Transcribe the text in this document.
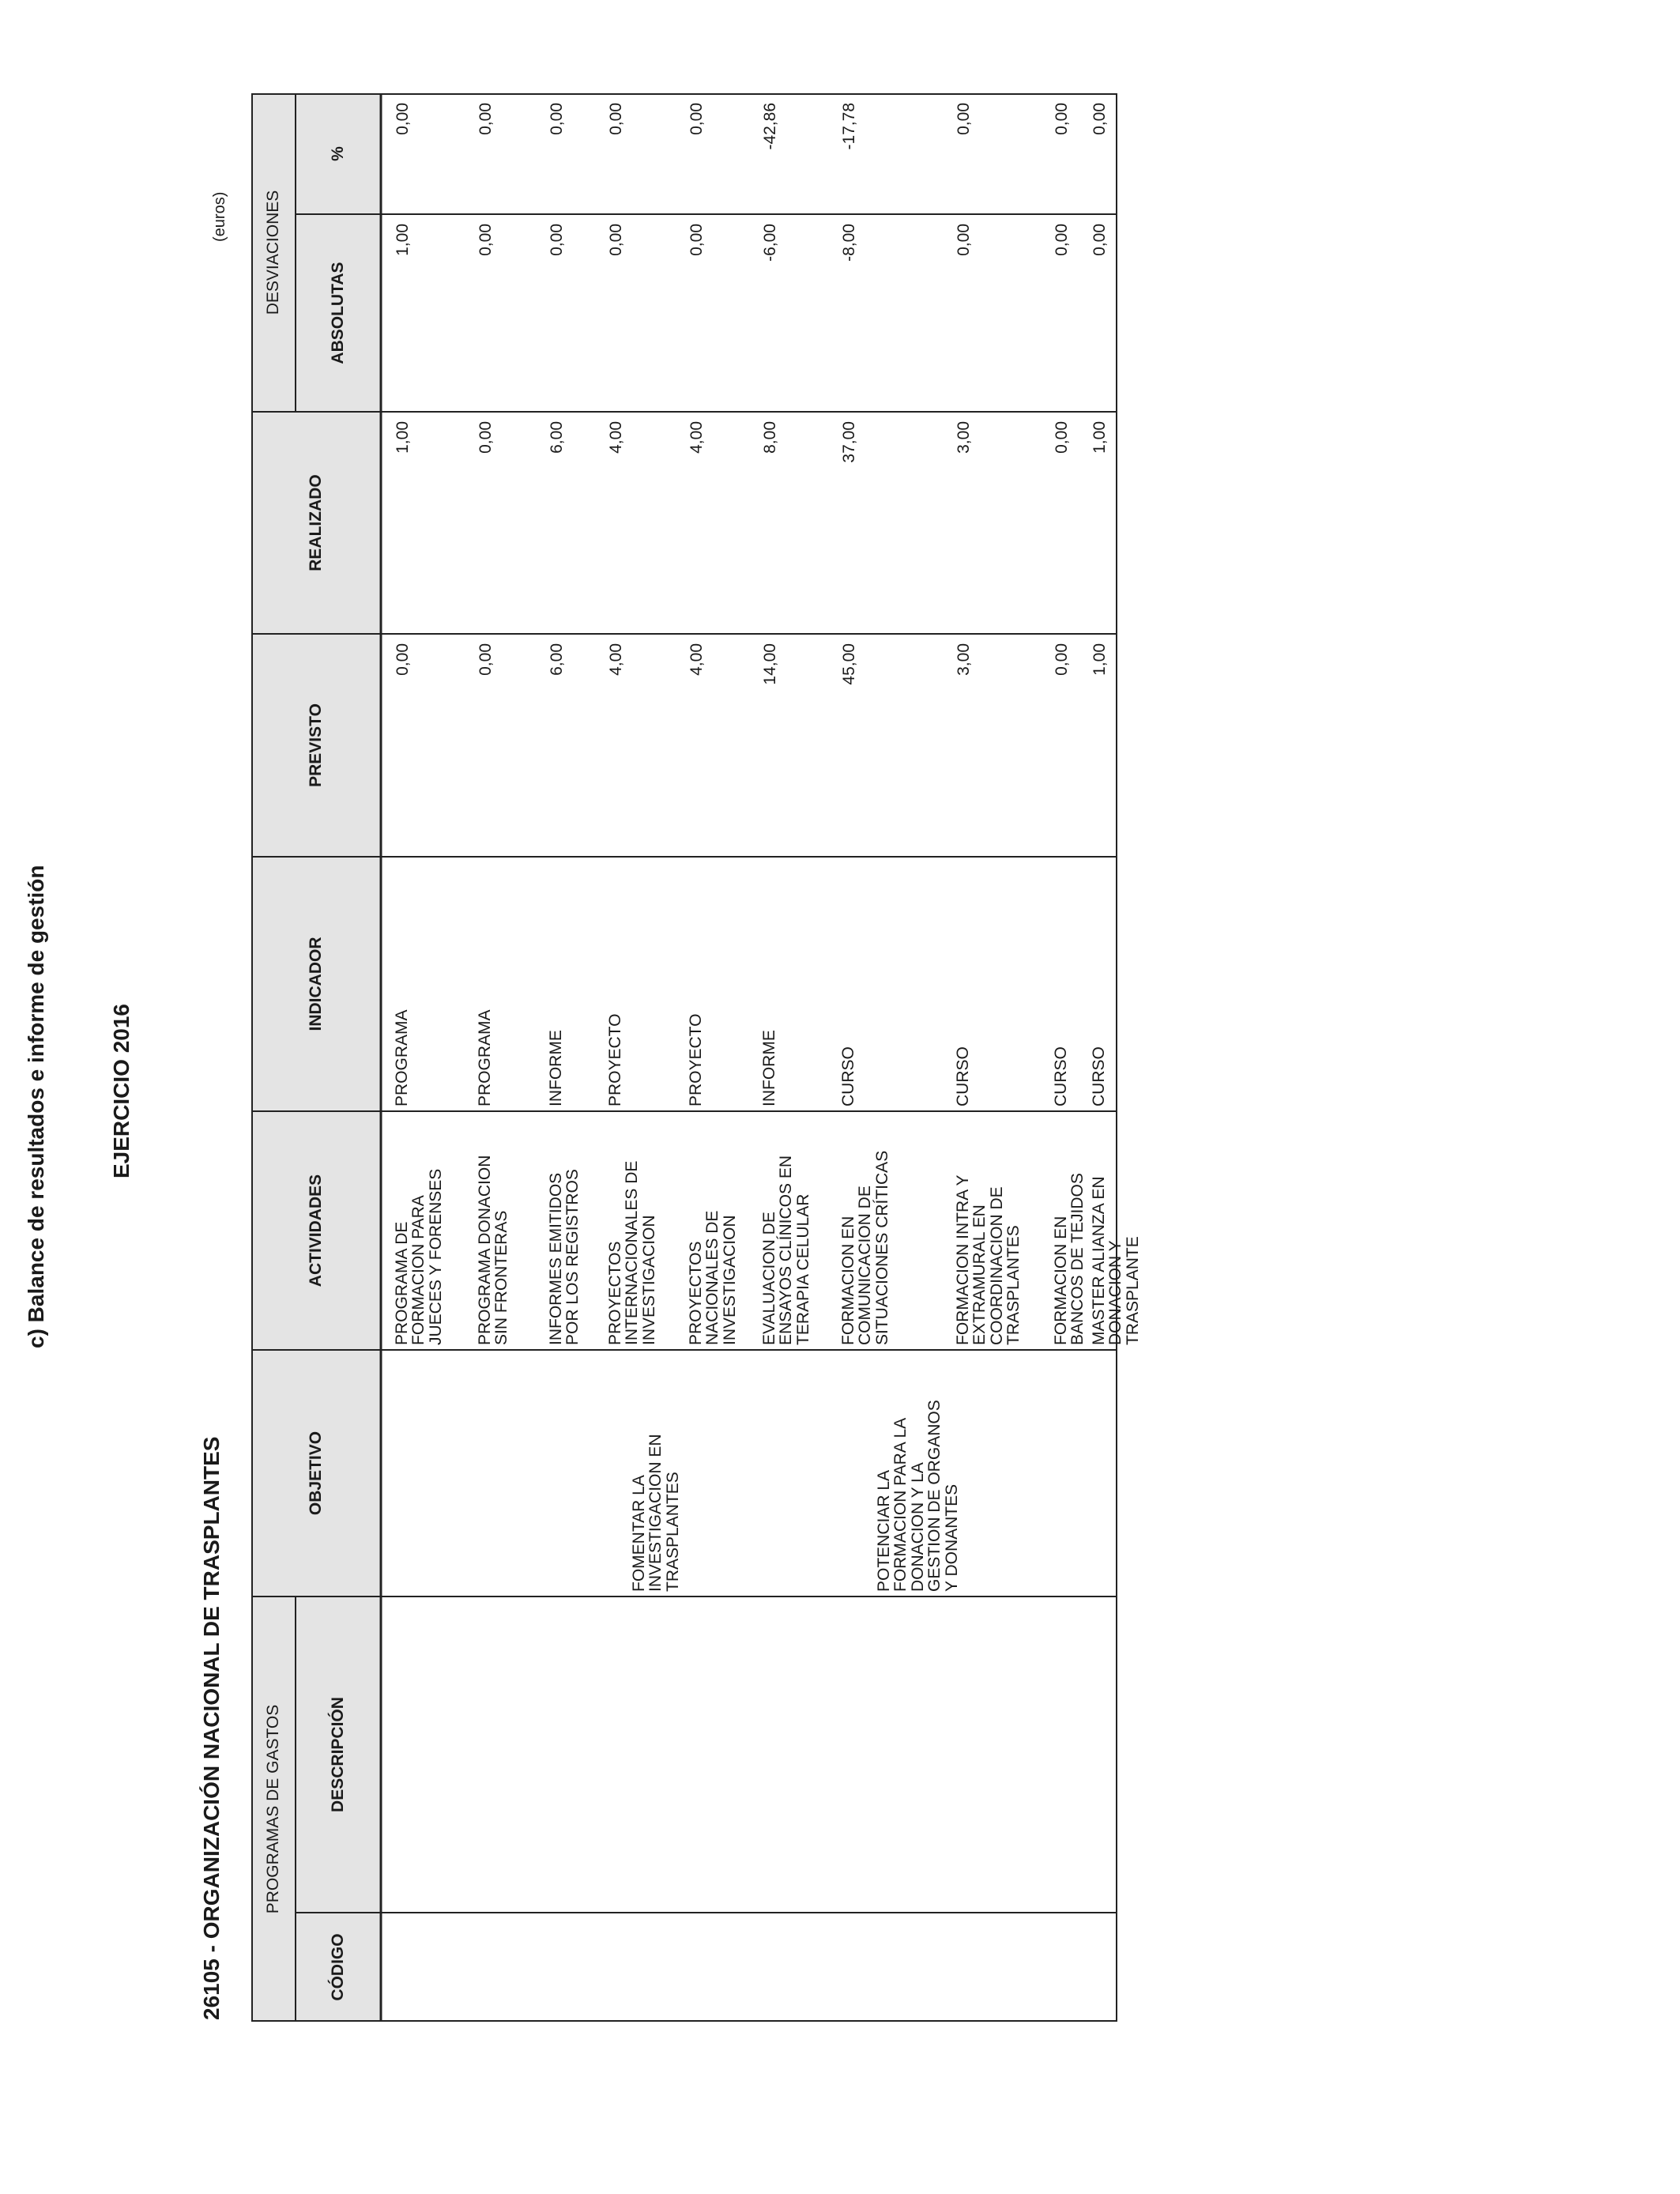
c) Balance de resultados e informe de gestión	EJERCICIO 2016
26105 - ORGANIZACIÓN NACIONAL DE TRASPLANTES
(euros)
PROGRAMAS DE GASTOS
DESVIACIONES
CÓDIGO
DESCRIPCIÓN
OBJETIVO
ACTIVIDADES
INDICADOR
PREVISTO
REALIZADO
ABSOLUTAS
%
FOMENTAR LA
INVESTIGACION EN
TRASPLANTES	POTENCIAR LA
FORMACION PARA LA
DONACION Y LA
GESTION DE ORGANOS
Y DONANTES
PROGRAMA DE
FORMACION PARA
JUECES Y FORENSES
PROGRAMA
0,00
1,00
1,00
0,00
PROGRAMA DONACION
SIN FRONTERAS
PROGRAMA
0,00
0,00
0,00
0,00
INFORMES EMITIDOS
POR LOS REGISTROS
INFORME
6,00
6,00
0,00
0,00
PROYECTOS
INTERNACIONALES DE
INVESTIGACION
PROYECTO
4,00
4,00
0,00
0,00
PROYECTOS
NACIONALES DE
INVESTIGACION
PROYECTO
4,00
4,00
0,00
0,00
EVALUACION DE
ENSAYOS CLÍNICOS EN
TERAPIA CELULAR
INFORME
14,00
8,00
-6,00
-42,86
FORMACION EN
COMUNICACION DE
SITUACIONES CRÍTICAS
CURSO
45,00
37,00
-8,00
-17,78
FORMACION INTRA Y
EXTRAMURAL EN
COORDINACION DE
TRASPLANTES
CURSO
3,00
3,00
0,00
0,00
FORMACION EN
BANCOS DE TEJIDOS
CURSO
0,00
0,00
0,00
0,00
MASTER ALIANZA EN
DONACION Y
TRASPLANTE
CURSO
1,00
1,00
0,00
0,00
